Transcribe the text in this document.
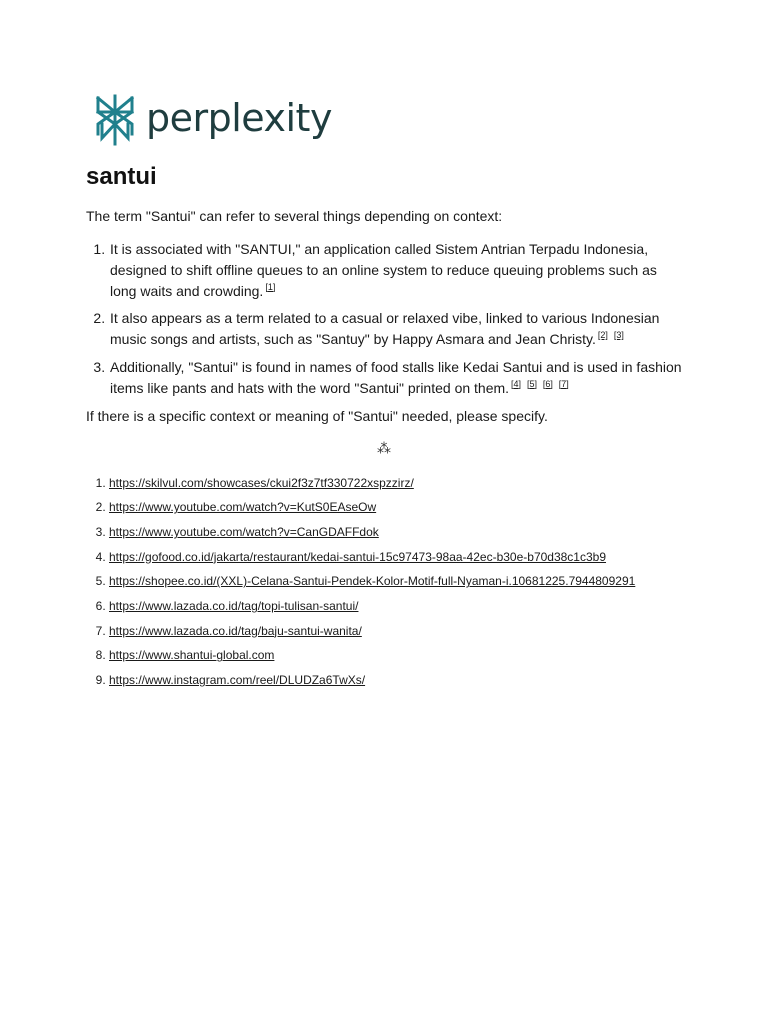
perplexity
santui

The term "Santui" can refer to several things depending on context:

1. It is associated with "SANTUI," an application called Sistem Antrian Terpadu Indonesia, designed to shift offline queues to an online system to reduce queuing problems such as long waits and crowding. [1]
2. It also appears as a term related to a casual or relaxed vibe, linked to various Indonesian music songs and artists, such as "Santuy" by Happy Asmara and Jean Christy. [2] [3]
3. Additionally, "Santui" is found in names of food stalls like Kedai Santui and is used in fashion items like pants and hats with the word "Santui" printed on them. [4] [5] [6] [7]

If there is a specific context or meaning of "Santui" needed, please specify.

⁂
1. https://skilvul.com/showcases/ckui2f3z7tf330722xspzzirz/
2. https://www.youtube.com/watch?v=KutS0EAseOw
3. https://www.youtube.com/watch?v=CanGDAFFdok
4. https://gofood.co.id/jakarta/restaurant/kedai-santui-15c97473-98aa-42ec-b30e-b70d38c1c3b9
5. https://shopee.co.id/(XXL)-Celana-Santui-Pendek-Kolor-Motif-full-Nyaman-i.10681225.7944809291
6. https://www.lazada.co.id/tag/topi-tulisan-santui/
7. https://www.lazada.co.id/tag/baju-santui-wanita/
8. https://www.shantui-global.com
9. https://www.instagram.com/reel/DLUDZa6TwXs/
